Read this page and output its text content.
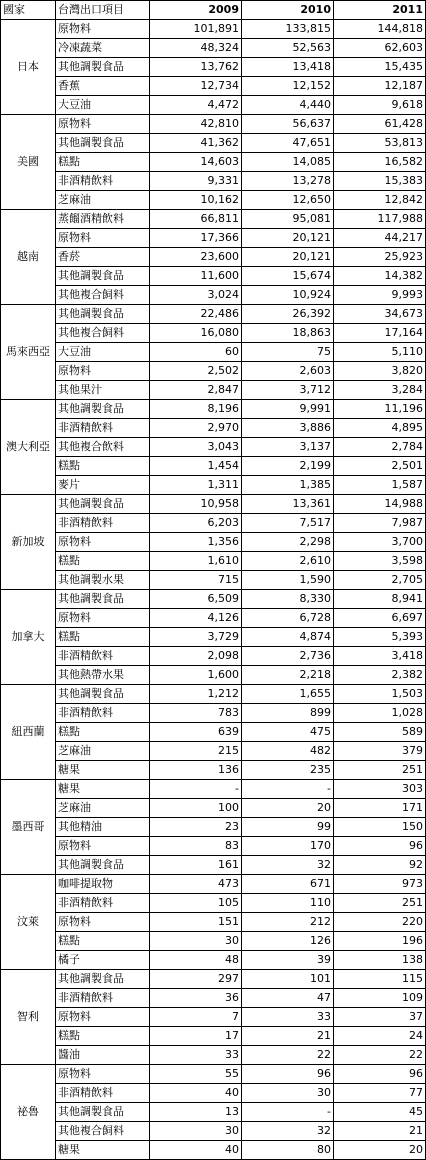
國家	台灣出口項目	2009	2010	2011
日本	原物料	101,891	133,815	144,818
	冷凍蔬菜	48,324	52,563	62,603
	其他調製食品	13,762	13,418	15,435
	香蕉	12,734	12,152	12,187
	大豆油	4,472	4,440	9,618
美國	原物料	42,810	56,637	61,428
	其他調製食品	41,362	47,651	53,813
	糕點	14,603	14,085	16,582
	非酒精飲料	9,331	13,278	15,383
	芝麻油	10,162	12,650	12,842
越南	蒸餾酒精飲料	66,811	95,081	117,988
	原物料	17,366	20,121	44,217
	香菸	23,600	20,121	25,923
	其他調製食品	11,600	15,674	14,382
	其他複合飼料	3,024	10,924	9,993
馬來西亞	其他調製食品	22,486	26,392	34,673
	其他複合飼料	16,080	18,863	17,164
	大豆油	60	75	5,110
	原物料	2,502	2,603	3,820
	其他果汁	2,847	3,712	3,284
澳大利亞	其他調製食品	8,196	9,991	11,196
	非酒精飲料	2,970	3,886	4,895
	其他複合飲料	3,043	3,137	2,784
	糕點	1,454	2,199	2,501
	麥片	1,311	1,385	1,587
新加坡	其他調製食品	10,958	13,361	14,988
	非酒精飲料	6,203	7,517	7,987
	原物料	1,356	2,298	3,700
	糕點	1,610	2,610	3,598
	其他調製水果	715	1,590	2,705
加拿大	其他調製食品	6,509	8,330	8,941
	原物料	4,126	6,728	6,697
	糕點	3,729	4,874	5,393
	非酒精飲料	2,098	2,736	3,418
	其他熱帶水果	1,600	2,218	2,382
紐西蘭	其他調製食品	1,212	1,655	1,503
	非酒精飲料	783	899	1,028
	糕點	639	475	589
	芝麻油	215	482	379
	糖果	136	235	251
墨西哥	糖果	-	-	303
	芝麻油	100	20	171
	其他精油	23	99	150
	原物料	83	170	96
	其他調製食品	161	32	92
汶萊	咖啡提取物	473	671	973
	非酒精飲料	105	110	251
	原物料	151	212	220
	糕點	30	126	196
	橘子	48	39	138
智利	其他調製食品	297	101	115
	非酒精飲料	36	47	109
	原物料	7	33	37
	糕點	17	21	24
	醬油	33	22	22
祕魯	原物料	55	96	96
	非酒精飲料	40	30	77
	其他調製食品	13	-	45
	其他複合飼料	30	32	21
	糖果	40	80	20
